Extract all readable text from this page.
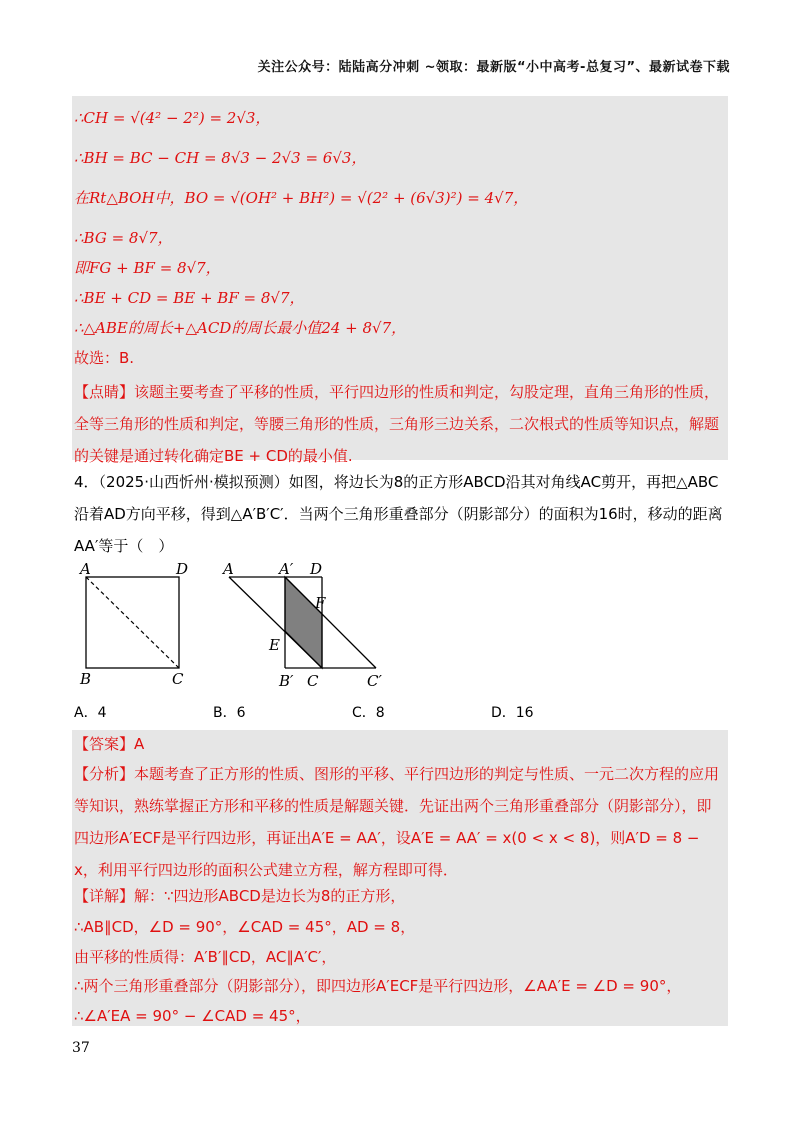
关注公众号：陆陆高分冲刺 ~领取：最新版“小中高考-总复习”、最新试卷下载
∴CH = √(4² − 2²) = 2√3，
∴BH = BC − CH = 8√3 − 2√3 = 6√3，
在Rt△BOH中，BO = √(OH² + BH²) = √(2² + (6√3)²) = 4√7，
∴BG = 8√7，
即FG + BF = 8√7，
∴BE + CD = BE + BF = 8√7，
∴△ABE的周长+△ACD的周长最小值24 + 8√7，
故选：B.
【点睛】该题主要考查了平移的性质，平行四边形的性质和判定，勾股定理，直角三角形的性质，全等三角形的性质和判定，等腰三角形的性质，三角形三边关系，二次根式的性质等知识点，解题的关键是通过转化确定BE + CD的最小值.
4．（2025·山西忻州·模拟预测）如图，将边长为8的正方形ABCD沿其对角线AC剪开，再把△ABC沿着AD方向平移，得到△A′B′C′．当两个三角形重叠部分（阴影部分）的面积为16时，移动的距离AA′等于（　）
A	D
B	C
A	A′ D
F
E
B′ C	C′
A．4	B．6	C．8	D．16
【答案】A
【分析】本题考查了正方形的性质、图形的平移、平行四边形的判定与性质、一元二次方程的应用等知识，熟练掌握正方形和平移的性质是解题关键．先证出两个三角形重叠部分（阴影部分），即四边形A′ECF是平行四边形，再证出A′E = AA′，设A′E = AA′ = x(0 < x < 8)，则A′D = 8 − x，利用平行四边形的面积公式建立方程，解方程即可得．
【详解】解：∵四边形ABCD是边长为8的正方形，
∴AB∥CD，∠D = 90°，∠CAD = 45°，AD = 8，
由平移的性质得：A′B′∥CD，AC∥A′C′，
∴两个三角形重叠部分（阴影部分），即四边形A′ECF是平行四边形，∠AA′E = ∠D = 90°，
∴∠A′EA = 90° − ∠CAD = 45°，
37
